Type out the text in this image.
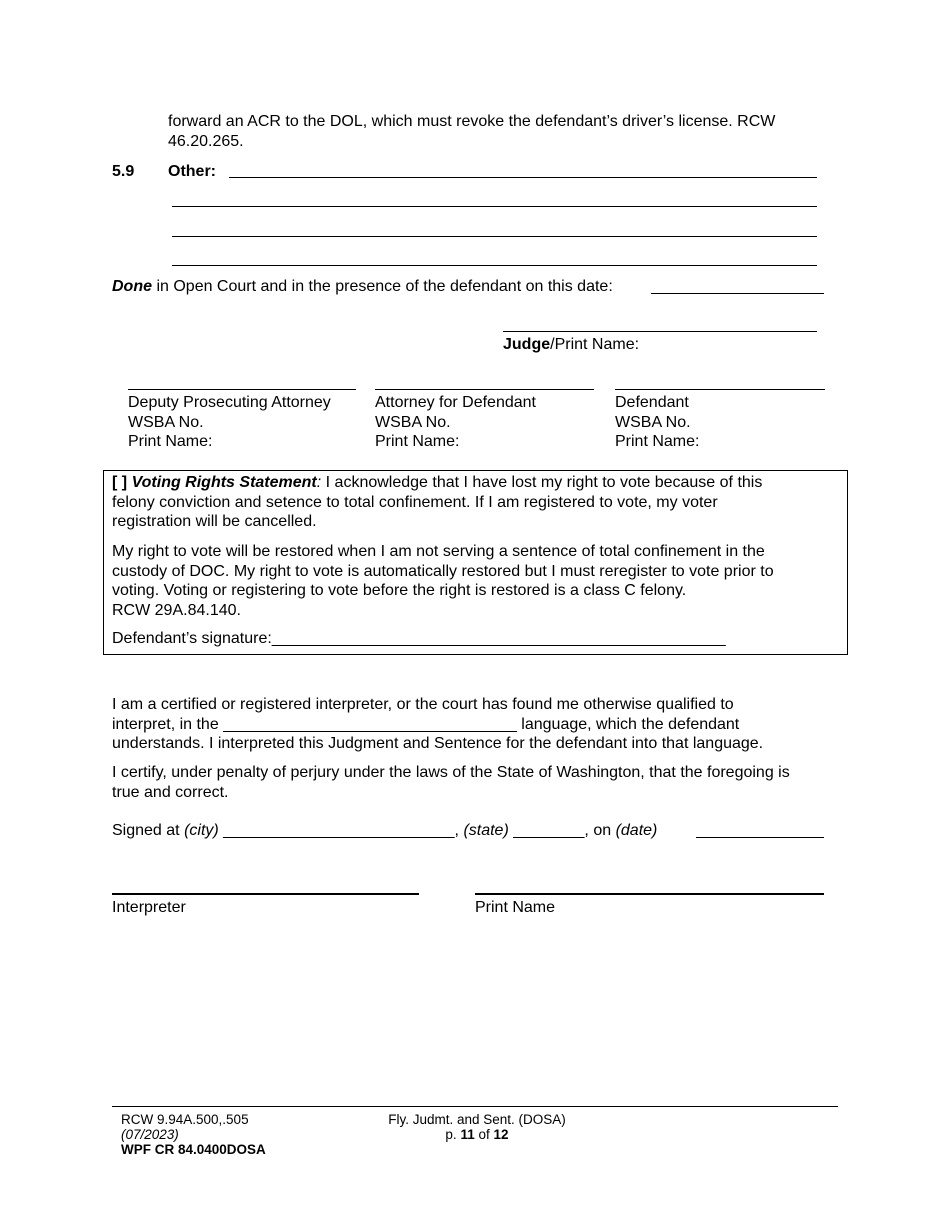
forward an ACR to the DOL, which must revoke the defendant’s driver’s license. RCW
46.20.265.
5.9 Other:
Done in Open Court and in the presence of the defendant on this date:
Judge/Print Name:
Deputy Prosecuting Attorney
WSBA No.
Print Name:
Attorney for Defendant
WSBA No.
Print Name:
Defendant
WSBA No.
Print Name:
[ ] Voting Rights Statement: I acknowledge that I have lost my right to vote because of this
felony conviction and setence to total confinement. If I am registered to vote, my voter
registration will be cancelled.
My right to vote will be restored when I am not serving a sentence of total confinement in the
custody of DOC. My right to vote is automatically restored but I must reregister to vote prior to
voting. Voting or registering to vote before the right is restored is a class C felony.
RCW 29A.84.140.
Defendant’s signature:___________________________________________________
I am a certified or registered interpreter, or the court has found me otherwise qualified to
interpret, in the _________________________________ language, which the defendant
understands. I interpreted this Judgment and Sentence for the defendant into that language.
I certify, under penalty of perjury under the laws of the State of Washington, that the foregoing is
true and correct.
Signed at (city) __________________________, (state) ________, on (date)
Interpreter	Print Name
RCW 9.94A.500,.505
(07/2023)
WPF CR 84.0400DOSA
Fly. Judmt. and Sent. (DOSA)
p. 11 of 12
